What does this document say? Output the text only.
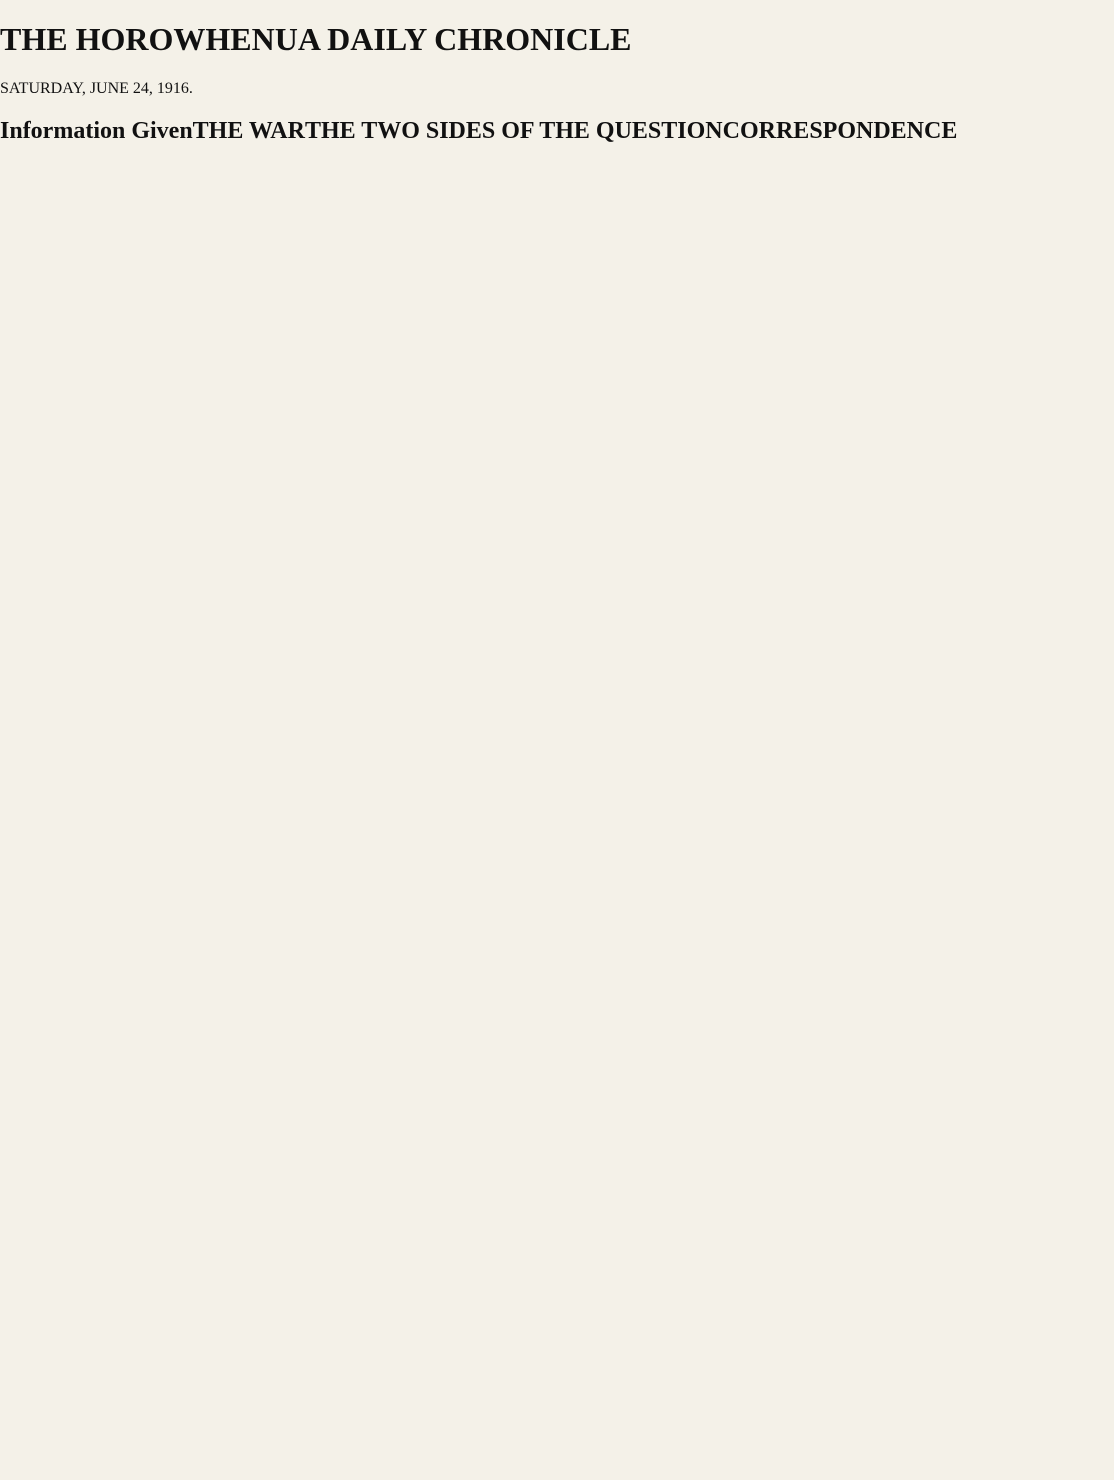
THE HOROWHENUA DAILY CHRONICLE
SATURDAY, JUNE 24, 1916.
Information Given THE WAR THE TWO SIDES OF THE QUESTION CORRESPONDENCE
